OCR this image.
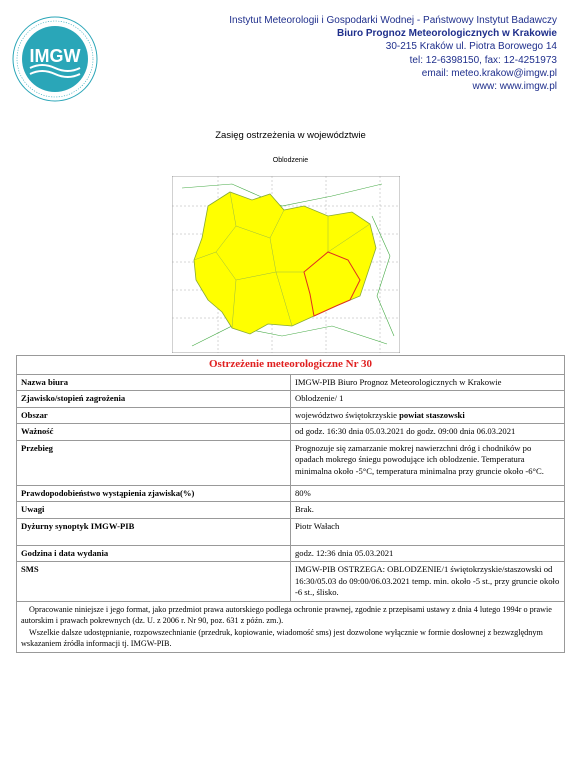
IMGW
Instytut Meteorologii i Gospodarki Wodnej - Państwowy Instytut Badawczy
Biuro Prognoz Meteorologicznych w Krakowie
30-215 Kraków ul. Piotra Borowego 14
tel: 12-6398150, fax: 12-4251973
email: meteo.krakow@imgw.pl
www: www.imgw.pl
Zasięg ostrzeżenia w województwie
Oblodzenie
Ostrzeżenie meteorologiczne Nr 30	
Nazwa biura	IMGW-PIB Biuro Prognoz Meteorologicznych w Krakowie
Zjawisko/stopień zagrożenia	Oblodzenie/ 1
Obszar	województwo świętokrzyskie powiat staszowski
Ważność	od godz. 16:30 dnia 05.03.2021 do godz. 09:00 dnia 06.03.2021
Przebieg	Prognozuje się zamarzanie mokrej nawierzchni dróg i chodników po opadach mokrego śniegu powodujące ich oblodzenie. Temperatura minimalna około -5°C, temperatura minimalna przy gruncie około -6°C.
Prawdopodobieństwo wystąpienia zjawiska(%)	80%
Uwagi	Brak.
Dyżurny synoptyk IMGW-PIB	Piotr Wałach
Godzina i data wydania	godz. 12:36 dnia 05.03.2021
SMS	IMGW-PIB OSTRZEGA: OBLODZENIE/1 świętokrzyskie/staszowski od 16:30/05.03 do 09:00/06.03.2021 temp. min. około -5 st., przy gruncie około -6 st., ślisko.

Opracowanie niniejsze i jego format, jako przedmiot prawa autorskiego podlega ochronie prawnej, zgodnie z przepisami ustawy z dnia 4 lutego 1994r o prawie autorskim i prawach pokrewnych (dz. U. z 2006 r. Nr 90, poz. 631 z późn. zm.).
Wszelkie dalsze udostępnianie, rozpowszechnianie (przedruk, kopiowanie, wiadomość sms) jest dozwolone wyłącznie w formie dosłownej z bezwzględnym wskazaniem źródła informacji tj. IMGW-PIB.	
